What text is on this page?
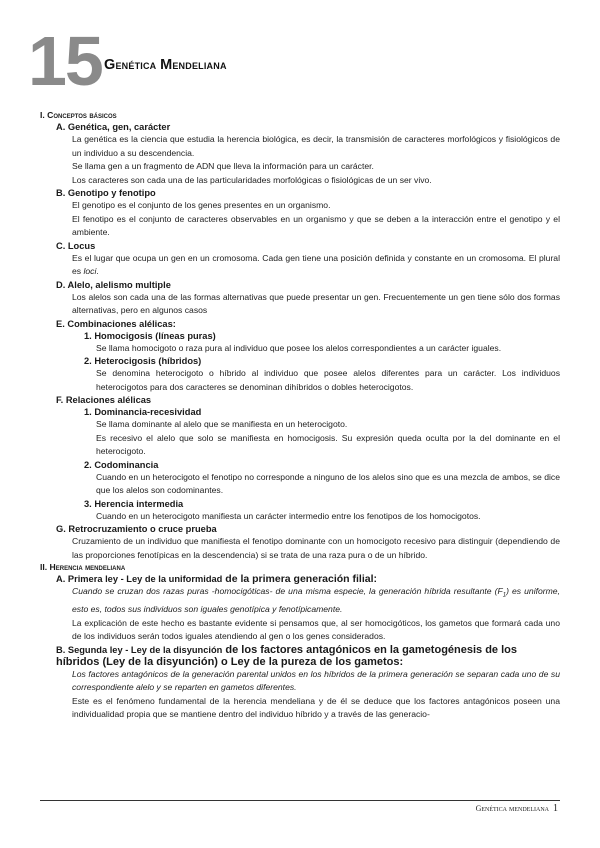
15 Genética Mendeliana
I. Conceptos básicos
A. Genética, gen, carácter
La genética es la ciencia que estudia la herencia biológica, es decir, la transmisión de caracteres morfológicos y fisiológicos de un individuo a su descendencia.
Se llama gen a un fragmento de ADN que lleva la información para un carácter.
Los caracteres son cada una de las particularidades morfológicas o fisiológicas de un ser vivo.
B. Genotipo y fenotipo
El genotipo es el conjunto de los genes presentes en un organismo.
El fenotipo es el conjunto de caracteres observables en un organismo y que se deben a la interacción entre el genotipo y el ambiente.
C. Locus
Es el lugar que ocupa un gen en un cromosoma. Cada gen tiene una posición definida y constante en un cromosoma. El plural es loci.
D. Alelo, alelismo multiple
Los alelos son cada una de las formas alternativas que puede presentar un gen. Frecuentemente un gen tiene sólo dos formas alternativas, pero en algunos casos
E. Combinaciones alélicas:
1. Homocigosis (líneas puras)
Se llama homocigoto o raza pura al individuo que posee los alelos correspondientes a un carácter iguales.
2. Heterocigosis (híbridos)
Se denomina heterocigoto o híbrido al individuo que posee alelos diferentes para un carácter. Los individuos heterocigotos para dos caracteres se denominan dihíbridos o dobles heterocigotos.
F. Relaciones alélicas
1. Dominancia-recesividad
Se llama dominante al alelo que se manifiesta en un heterocigoto.
Es recesivo el alelo que solo se manifiesta en homocigosis. Su expresión queda oculta por la del dominante en el heterocigoto.
2. Codominancia
Cuando en un heterocigoto el fenotipo no corresponde a ninguno de los alelos sino que es una mezcla de ambos, se dice que los alelos son codominantes.
3. Herencia intermedia
Cuando en un heterocigoto manifiesta un carácter intermedio entre los fenotipos de los homocigotos.
G. Retrocruzamiento o cruce prueba
Cruzamiento de un individuo que manifiesta el fenotipo dominante con un homocigoto recesivo para distinguir (dependiendo de las proporciones fenotípicas en la descendencia) si se trata de una raza pura o de un híbrido.
II. Herencia mendeliana
A. Primera ley - Ley de la uniformidad de la primera generación filial:
Cuando se cruzan dos razas puras -homocigóticas- de una misma especie, la generación híbrida resultante $(F_1)$ es uniforme, esto es, todos sus individuos son iguales genotípica y fenotípicamente.
La explicación de este hecho es bastante evidente si pensamos que, al ser homocigóticos, los gametos que formará cada uno de los individuos serán todos iguales atendiendo al gen o los genes considerados.
B. Segunda ley - Ley de la disyunción de los factores antagónicos en la gametogénesis de los híbridos (Ley de la disyunción) o Ley de la pureza de los gametos:
Los factores antagónicos de la generación parental unidos en los híbridos de la primera generación se separan cada uno de su correspondiente alelo y se reparten en gametos diferentes.
Este es el fenómeno fundamental de la herencia mendeliana y de él se deduce que los factores antagónicos poseen una individualidad propia que se mantiene dentro del individuo híbrido y a través de las generacio-
Genética mendeliana 1
